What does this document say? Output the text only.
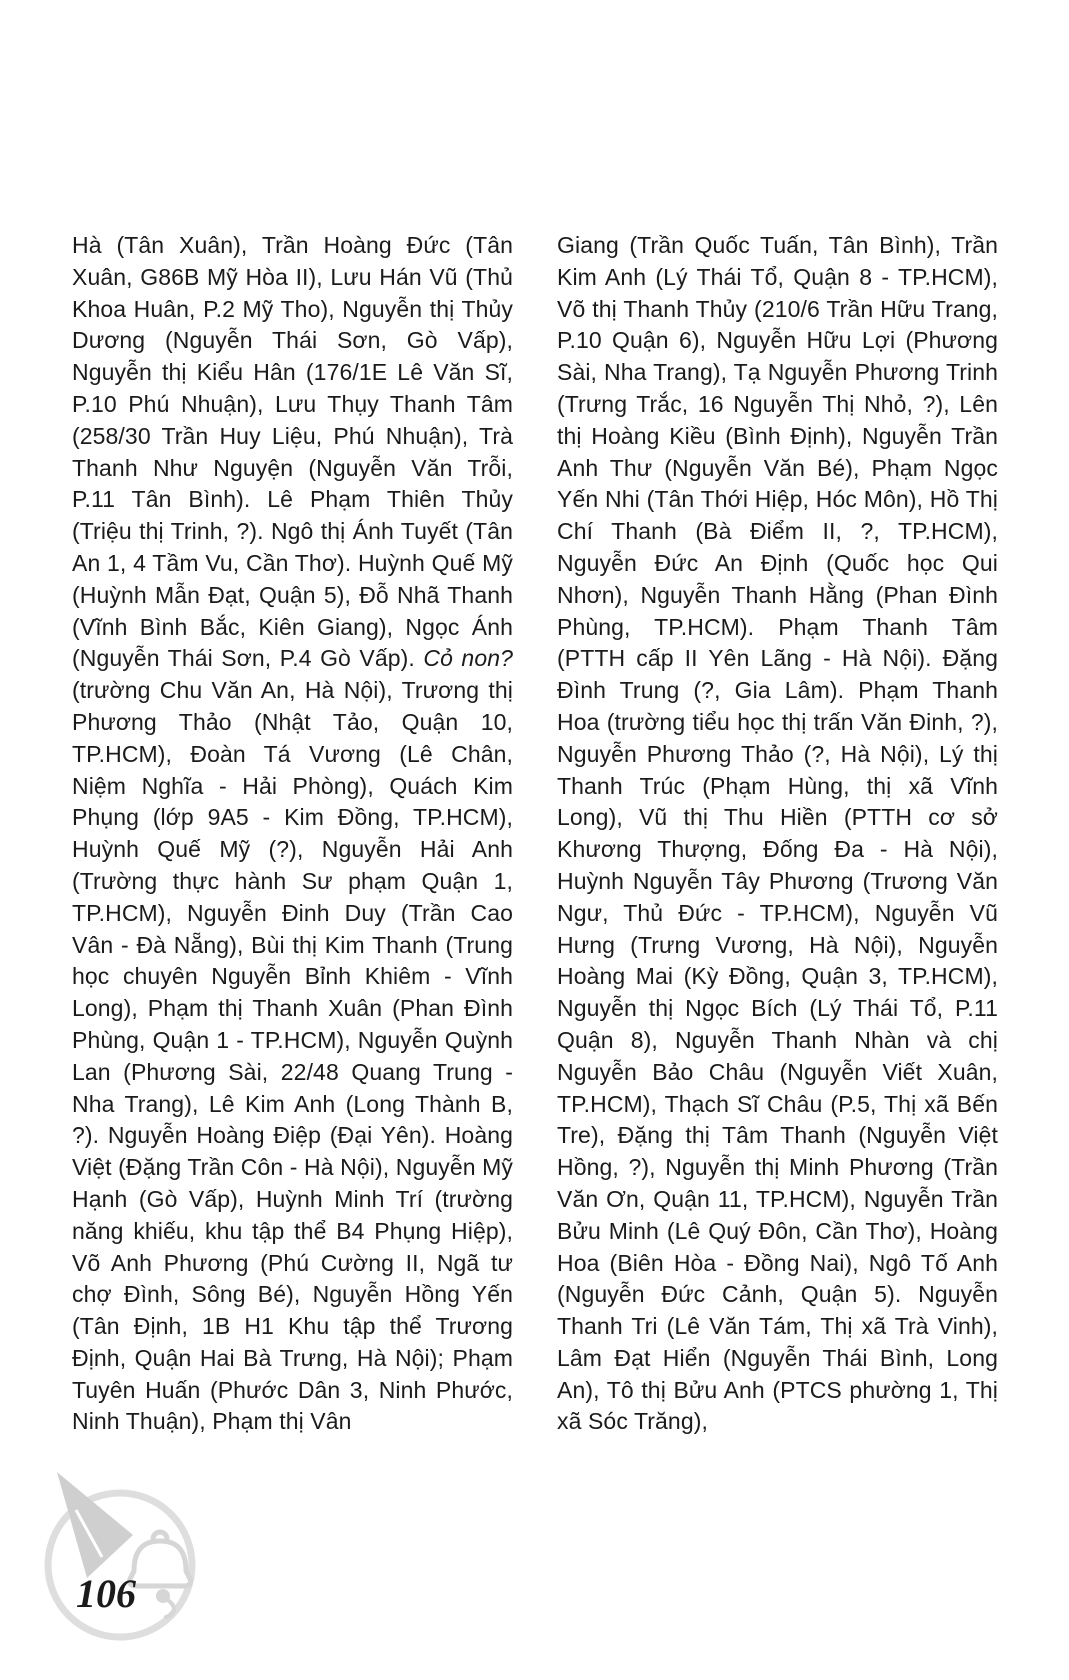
Hà (Tân Xuân), Trần Hoàng Đức (Tân Xuân, G86B Mỹ Hòa II), Lưu Hán Vũ (Thủ Khoa Huân, P.2 Mỹ Tho), Nguyễn thị Thủy Dương (Nguyễn Thái Sơn, Gò Vấp), Nguyễn thị Kiểu Hân (176/1E Lê Văn Sĩ, P.10 Phú Nhuận), Lưu Thụy Thanh Tâm (258/30 Trần Huy Liệu, Phú Nhuận), Trà Thanh Như Nguyện (Nguyễn Văn Trỗi, P.11 Tân Bình). Lê Phạm Thiên Thủy (Triệu thị Trinh, ?). Ngô thị Ánh Tuyết (Tân An 1, 4 Tầm Vu, Cần Thơ). Huỳnh Quế Mỹ (Huỳnh Mẫn Đạt, Quận 5), Đỗ Nhã Thanh (Vĩnh Bình Bắc, Kiên Giang), Ngọc Ánh (Nguyễn Thái Sơn, P.4 Gò Vấp). Cỏ non? (trường Chu Văn An, Hà Nội), Trương thị Phương Thảo (Nhật Tảo, Quận 10, TP.HCM), Đoàn Tá Vương (Lê Chân, Niệm Nghĩa - Hải Phòng), Quách Kim Phụng (lớp 9A5 - Kim Đồng, TP.HCM), Huỳnh Quế Mỹ (?), Nguyễn Hải Anh (Trường thực hành Sư phạm Quận 1, TP.HCM), Nguyễn Đinh Duy (Trần Cao Vân - Đà Nẵng), Bùi thị Kim Thanh (Trung học chuyên Nguyễn Bỉnh Khiêm - Vĩnh Long), Phạm thị Thanh Xuân (Phan Đình Phùng, Quận 1 - TP.HCM), Nguyễn Quỳnh Lan (Phương Sài, 22/48 Quang Trung - Nha Trang), Lê Kim Anh (Long Thành B, ?). Nguyễn Hoàng Điệp (Đại Yên). Hoàng Việt (Đặng Trần Côn - Hà Nội), Nguyễn Mỹ Hạnh (Gò Vấp), Huỳnh Minh Trí (trường năng khiếu, khu tập thể B4 Phụng Hiệp), Võ Anh Phương (Phú Cường II, Ngã tư chợ Đình, Sông Bé), Nguyễn Hồng Yến (Tân Định, 1B H1 Khu tập thể Trương Định, Quận Hai Bà Trưng, Hà Nội); Phạm Tuyên Huấn (Phước Dân 3, Ninh Phước, Ninh Thuận), Phạm thị Vân
Giang (Trần Quốc Tuấn, Tân Bình), Trần Kim Anh (Lý Thái Tổ, Quận 8 - TP.HCM), Võ thị Thanh Thủy (210/6 Trần Hữu Trang, P.10 Quận 6), Nguyễn Hữu Lợi (Phương Sài, Nha Trang), Tạ Nguyễn Phương Trinh (Trưng Trắc, 16 Nguyễn Thị Nhỏ, ?), Lên thị Hoàng Kiều (Bình Định), Nguyễn Trần Anh Thư (Nguyễn Văn Bé), Phạm Ngọc Yến Nhi (Tân Thới Hiệp, Hóc Môn), Hồ Thị Chí Thanh (Bà Điểm II, ?, TP.HCM), Nguyễn Đức An Định (Quốc học Qui Nhơn), Nguyễn Thanh Hằng (Phan Đình Phùng, TP.HCM). Phạm Thanh Tâm (PTTH cấp II Yên Lãng - Hà Nội). Đặng Đình Trung (?, Gia Lâm). Phạm Thanh Hoa (trường tiểu học thị trấn Văn Đinh, ?), Nguyễn Phương Thảo (?, Hà Nội), Lý thị Thanh Trúc (Phạm Hùng, thị xã Vĩnh Long), Vũ thị Thu Hiền (PTTH cơ sở Khương Thượng, Đống Đa - Hà Nội), Huỳnh Nguyễn Tây Phương (Trương Văn Ngư, Thủ Đức - TP.HCM), Nguyễn Vũ Hưng (Trưng Vương, Hà Nội), Nguyễn Hoàng Mai (Kỳ Đồng, Quận 3, TP.HCM), Nguyễn thị Ngọc Bích (Lý Thái Tổ, P.11 Quận 8), Nguyễn Thanh Nhàn và chị Nguyễn Bảo Châu (Nguyễn Viết Xuân, TP.HCM), Thạch Sĩ Châu (P.5, Thị xã Bến Tre), Đặng thị Tâm Thanh (Nguyễn Việt Hồng, ?), Nguyễn thị Minh Phương (Trần Văn Ơn, Quận 11, TP.HCM), Nguyễn Trần Bửu Minh (Lê Quý Đôn, Cần Thơ), Hoàng Hoa (Biên Hòa - Đồng Nai), Ngô Tố Anh (Nguyễn Đức Cảnh, Quận 5). Nguyễn Thanh Tri (Lê Văn Tám, Thị xã Trà Vinh), Lâm Đạt Hiển (Nguyễn Thái Bình, Long An), Tô thị Bửu Anh (PTCS phường 1, Thị xã Sóc Trăng),
106
